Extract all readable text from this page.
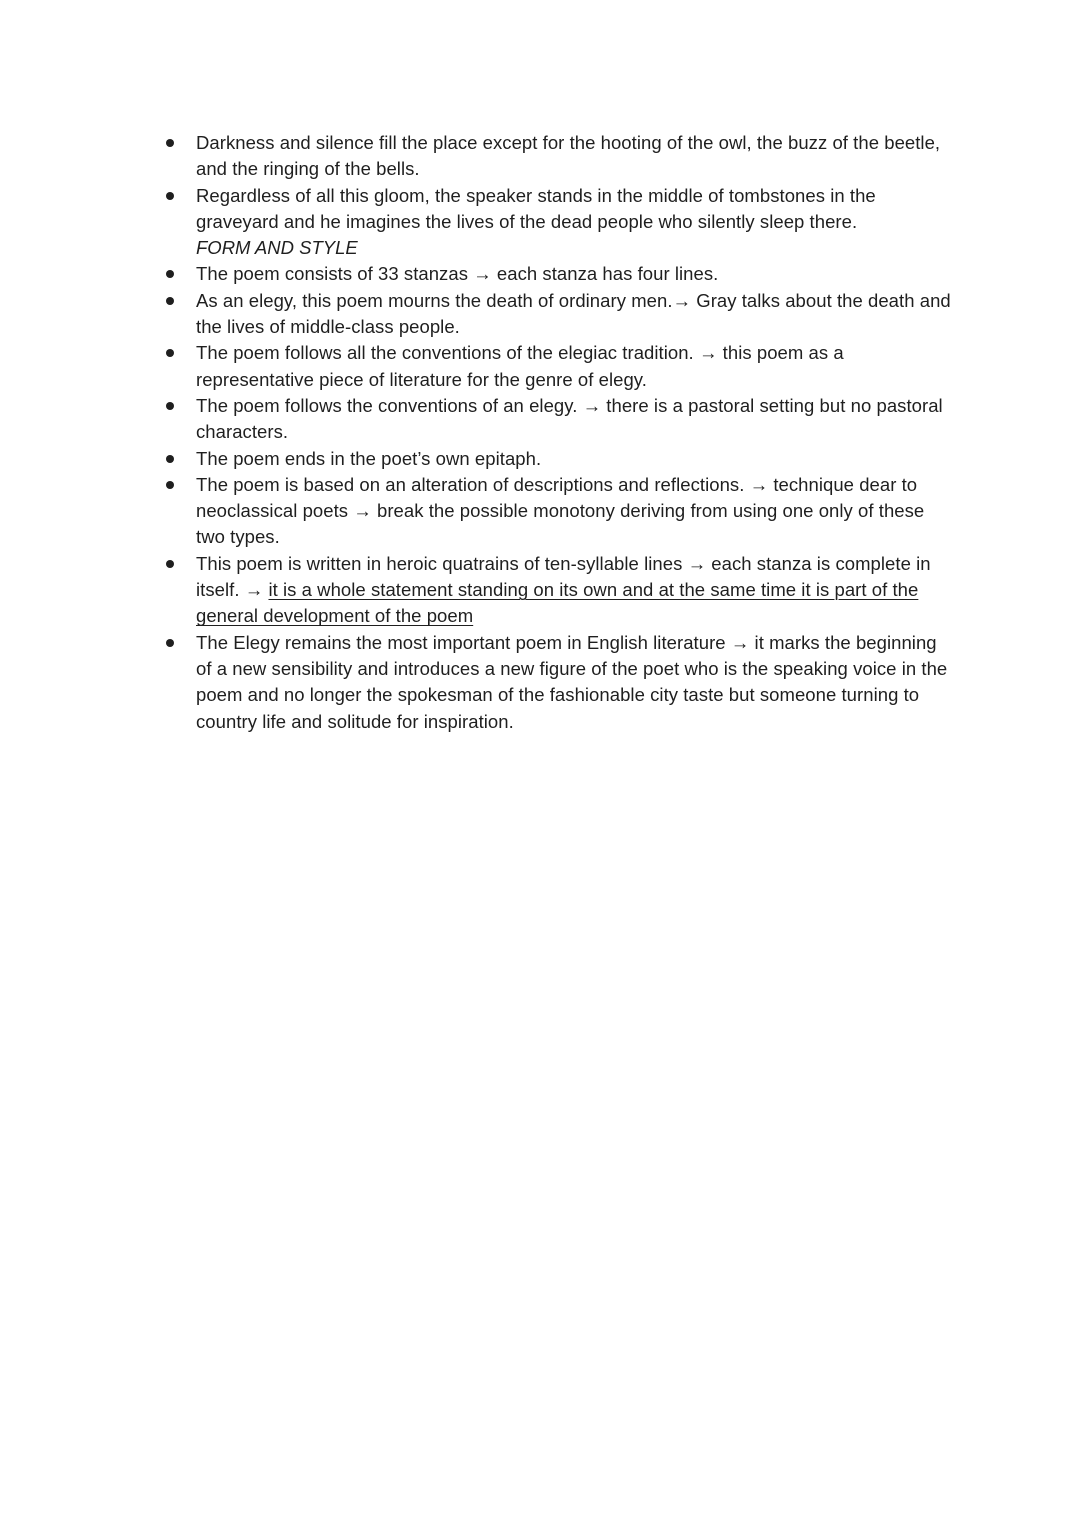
Darkness and silence fill the place except for the hooting of the owl, the buzz of the beetle, and the ringing of the bells.
Regardless of all this gloom, the speaker stands in the middle of tombstones in the graveyard and he imagines the lives of the dead people who silently sleep there.
FORM AND STYLE
The poem consists of 33 stanzas → each stanza has four lines.
As an elegy, this poem mourns the death of ordinary men.→ Gray talks about the death and the lives of middle-class people.
The poem follows all the conventions of the elegiac tradition. → this poem as a representative piece of literature for the genre of elegy.
The poem follows the conventions of an elegy. → there is a pastoral setting but no pastoral characters.
The poem ends in the poet’s own epitaph.
The poem is based on an alteration of descriptions and reflections. → technique dear to neoclassical poets → break the possible monotony deriving from using one only of these two types.
This poem is written in heroic quatrains of ten-syllable lines → each stanza is complete in itself. → it is a whole statement standing on its own and at the same time it is part of the general development of the poem
The Elegy remains the most important poem in English literature → it marks the beginning of a new sensibility and introduces a new figure of the poet who is the speaking voice in the poem and no longer the spokesman of the fashionable city taste but someone turning to country life and solitude for inspiration.
